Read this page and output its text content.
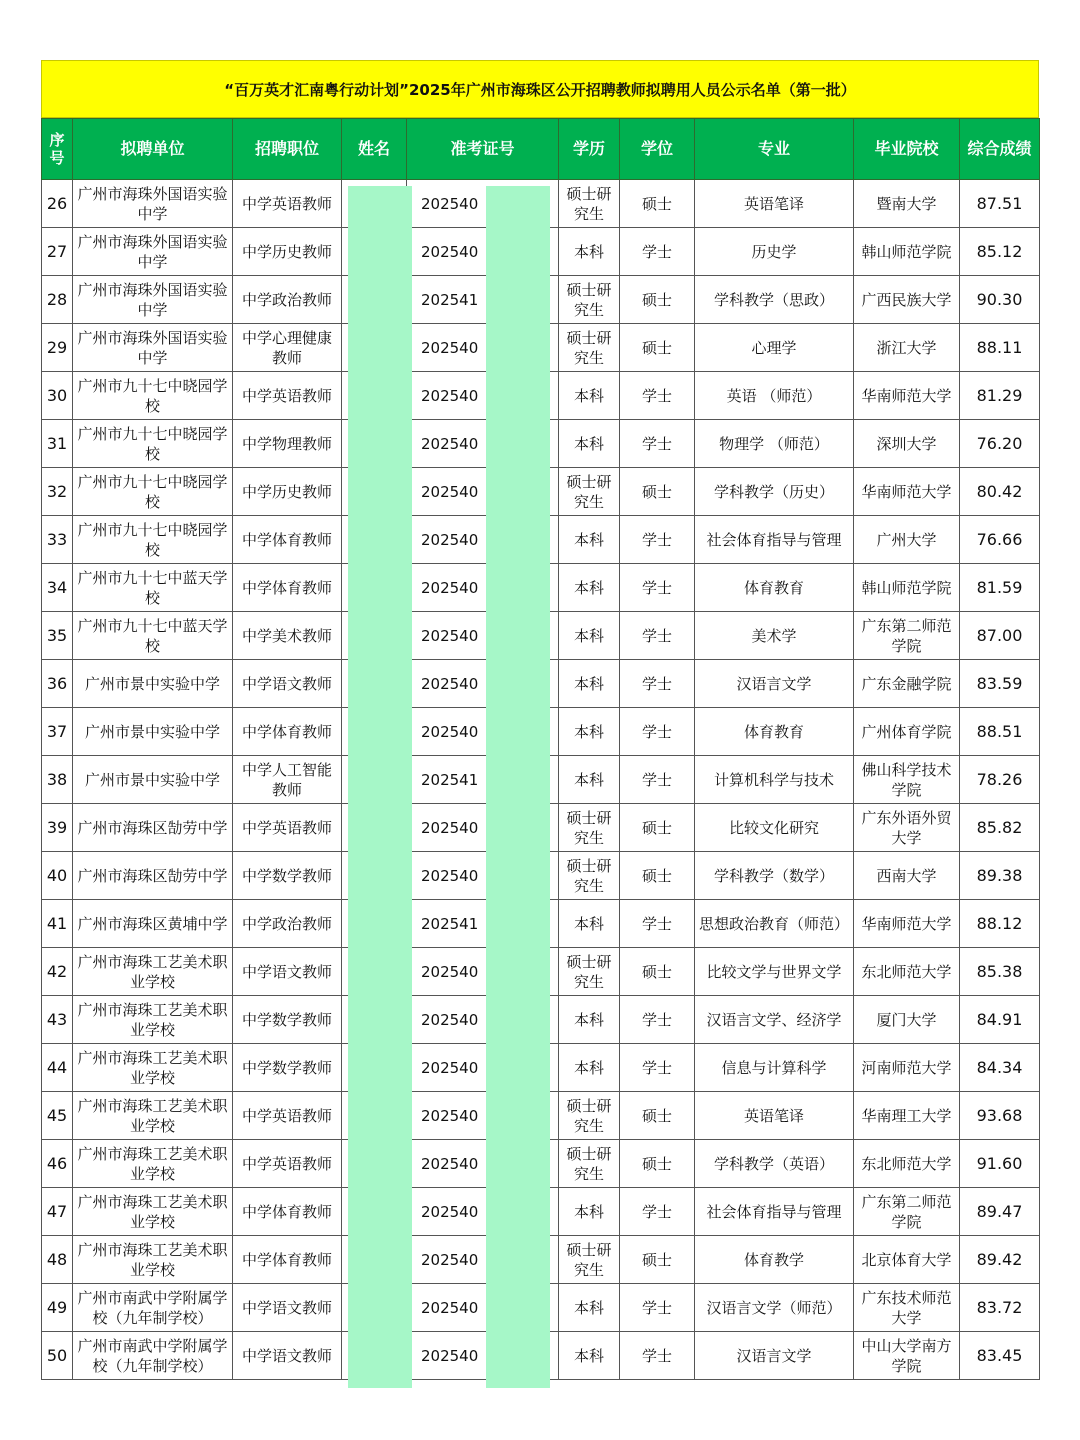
“百万英才汇南粤行动计划”2025年广州市海珠区公开招聘教师拟聘用人员公示名单（第一批）
序号	拟聘单位	招聘职位	姓名	准考证号	学历	学位	专业	毕业院校	综合成绩
26	广州市海珠外国语实验中学	中学英语教师		202540	硕士研究生	硕士	英语笔译	暨南大学	87.51
27	广州市海珠外国语实验中学	中学历史教师		202540	本科	学士	历史学	韩山师范学院	85.12
28	广州市海珠外国语实验中学	中学政治教师		202541	硕士研究生	硕士	学科教学（思政）	广西民族大学	90.30
29	广州市海珠外国语实验中学	中学心理健康教师		202540	硕士研究生	硕士	心理学	浙江大学	88.11
30	广州市九十七中晓园学校	中学英语教师		202540	本科	学士	英语 （师范）	华南师范大学	81.29
31	广州市九十七中晓园学校	中学物理教师		202540	本科	学士	物理学 （师范）	深圳大学	76.20
32	广州市九十七中晓园学校	中学历史教师		202540	硕士研究生	硕士	学科教学（历史）	华南师范大学	80.42
33	广州市九十七中晓园学校	中学体育教师		202540	本科	学士	社会体育指导与管理	广州大学	76.66
34	广州市九十七中蓝天学校	中学体育教师		202540	本科	学士	体育教育	韩山师范学院	81.59
35	广州市九十七中蓝天学校	中学美术教师		202540	本科	学士	美术学	广东第二师范学院	87.00
36	广州市景中实验中学	中学语文教师		202540	本科	学士	汉语言文学	广东金融学院	83.59
37	广州市景中实验中学	中学体育教师		202540	本科	学士	体育教育	广州体育学院	88.51
38	广州市景中实验中学	中学人工智能教师		202541	本科	学士	计算机科学与技术	佛山科学技术学院	78.26
39	广州市海珠区勂劳中学	中学英语教师		202540	硕士研究生	硕士	比较文化研究	广东外语外贸大学	85.82
40	广州市海珠区勂劳中学	中学数学教师		202540	硕士研究生	硕士	学科教学（数学）	西南大学	89.38
41	广州市海珠区黄埔中学	中学政治教师		202541	本科	学士	思想政治教育（师范）	华南师范大学	88.12
42	广州市海珠工艺美术职业学校	中学语文教师		202540	硕士研究生	硕士	比较文学与世界文学	东北师范大学	85.38
43	广州市海珠工艺美术职业学校	中学数学教师		202540	本科	学士	汉语言文学、经济学	厦门大学	84.91
44	广州市海珠工艺美术职业学校	中学数学教师		202540	本科	学士	信息与计算科学	河南师范大学	84.34
45	广州市海珠工艺美术职业学校	中学英语教师		202540	硕士研究生	硕士	英语笔译	华南理工大学	93.68
46	广州市海珠工艺美术职业学校	中学英语教师		202540	硕士研究生	硕士	学科教学（英语）	东北师范大学	91.60
47	广州市海珠工艺美术职业学校	中学体育教师		202540	本科	学士	社会体育指导与管理	广东第二师范学院	89.47
48	广州市海珠工艺美术职业学校	中学体育教师		202540	硕士研究生	硕士	体育教学	北京体育大学	89.42
49	广州市南武中学附属学校（九年制学校）	中学语文教师		202540	本科	学士	汉语言文学（师范）	广东技术师范大学	83.72
50	广州市南武中学附属学校（九年制学校）	中学语文教师		202540	本科	学士	汉语言文学	中山大学南方学院	83.45
